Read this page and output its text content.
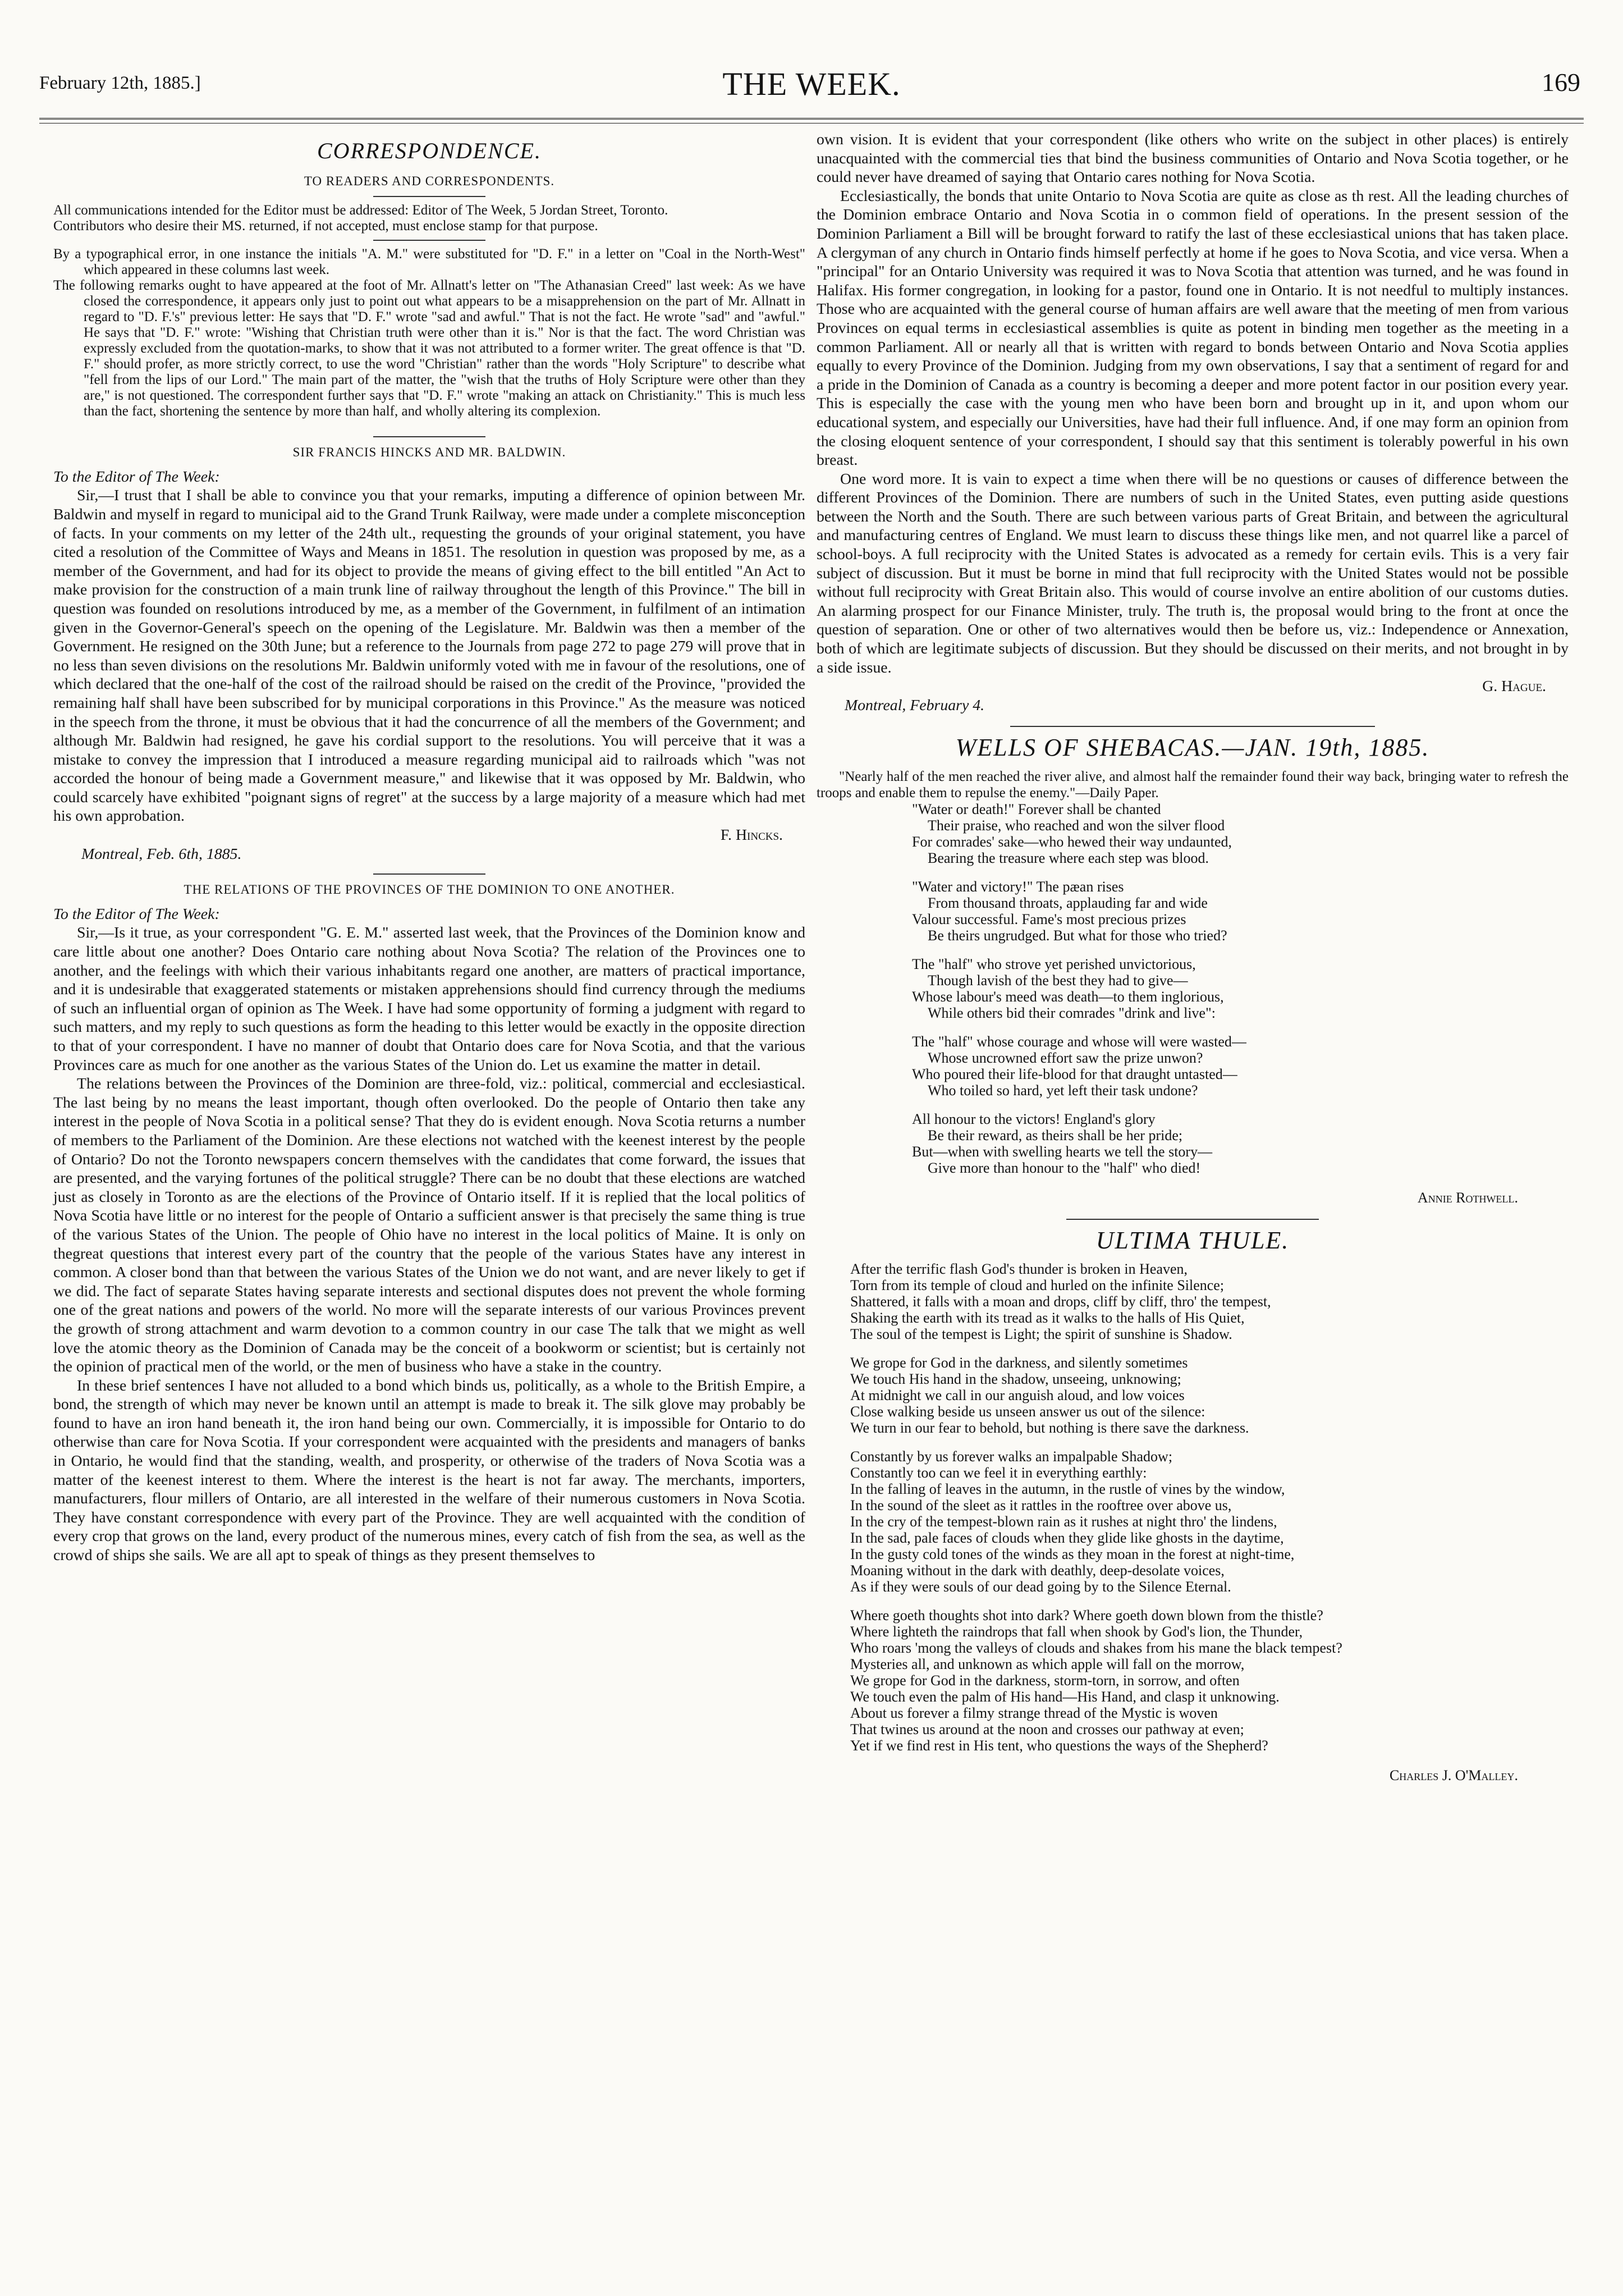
February 12th, 1885.]	THE WEEK.	169
CORRESPONDENCE.
TO READERS AND CORRESPONDENTS.

All communications intended for the Editor must be addressed: Editor of The Week, 5 Jordan Street, Toronto.

Contributors who desire their MS. returned, if not accepted, must enclose stamp for that purpose.

By a typographical error, in one instance the initials "A. M." were substituted for "D. F." in a letter on "Coal in the North-West" which appeared in these columns last week.

The following remarks ought to have appeared at the foot of Mr. Allnatt's letter on "The Athanasian Creed" last week: As we have closed the correspondence, it appears only just to point out what appears to be a misapprehension on the part of Mr. Allnatt in regard to "D. F.'s" previous letter: He says that "D. F." wrote "sad and awful." That is not the fact. He wrote "sad" and "awful." He says that "D. F." wrote: "Wishing that Christian truth were other than it is." Nor is that the fact. The word Christian was expressly excluded from the quotation-marks, to show that it was not attributed to a former writer. The great offence is that "D. F." should profer, as more strictly correct, to use the word "Christian" rather than the words "Holy Scripture" to describe what "fell from the lips of our Lord." The main part of the matter, the "wish that the truths of Holy Scripture were other than they are," is not questioned. The correspondent further says that "D. F." wrote "making an attack on Christianity." This is much less than the fact, shortening the sentence by more than half, and wholly altering its complexion.

SIR FRANCIS HINCKS AND MR. BALDWIN.

To the Editor of The Week:

Sir,—I trust that I shall be able to convince you that your remarks, imputing a difference of opinion between Mr. Baldwin and myself in regard to municipal aid to the Grand Trunk Railway, were made under a complete misconception of facts. In your comments on my letter of the 24th ult., requesting the grounds of your original statement, you have cited a resolution of the Committee of Ways and Means in 1851. The resolution in question was proposed by me, as a member of the Government, and had for its object to provide the means of giving effect to the bill entitled "An Act to make provision for the construction of a main trunk line of railway throughout the length of this Province." The bill in question was founded on resolutions introduced by me, as a member of the Government, in fulfilment of an intimation given in the Governor-General's speech on the opening of the Legislature. Mr. Baldwin was then a member of the Government. He resigned on the 30th June; but a reference to the Journals from page 272 to page 279 will prove that in no less than seven divisions on the resolutions Mr. Baldwin uniformly voted with me in favour of the resolutions, one of which declared that the one-half of the cost of the railroad should be raised on the credit of the Province, "provided the remaining half shall have been subscribed for by municipal corporations in this Province." As the measure was noticed in the speech from the throne, it must be obvious that it had the concurrence of all the members of the Government; and although Mr. Baldwin had resigned, he gave his cordial support to the resolutions. You will perceive that it was a mistake to convey the impression that I introduced a measure regarding municipal aid to railroads which "was not accorded the honour of being made a Government measure," and likewise that it was opposed by Mr. Baldwin, who could scarcely have exhibited "poignant signs of regret" at the success by a large majority of a measure which had met his own approbation.

F. Hincks.

Montreal, Feb. 6th, 1885.

THE RELATIONS OF THE PROVINCES OF THE DOMINION TO ONE ANOTHER.

To the Editor of The Week:

Sir,—Is it true, as your correspondent "G. E. M." asserted last week, that the Provinces of the Dominion know and care little about one another? Does Ontario care nothing about Nova Scotia? The relation of the Provinces one to another, and the feelings with which their various inhabitants regard one another, are matters of practical importance, and it is undesirable that exaggerated statements or mistaken apprehensions should find currency through the mediums of such an influential organ of opinion as The Week. I have had some opportunity of forming a judgment with regard to such matters, and my reply to such questions as form the heading to this letter would be exactly in the opposite direction to that of your correspondent. I have no manner of doubt that Ontario does care for Nova Scotia, and that the various Provinces care as much for one another as the various States of the Union do. Let us examine the matter in detail.

The relations between the Provinces of the Dominion are three-fold, viz.: political, commercial and ecclesiastical. The last being by no means the least important, though often overlooked. Do the people of Ontario then take any interest in the people of Nova Scotia in a political sense? That they do is evident enough. Nova Scotia returns a number of members to the Parliament of the Dominion. Are these elections not watched with the keenest interest by the people of Ontario? Do not the Toronto newspapers concern themselves with the candidates that come forward, the issues that are presented, and the varying fortunes of the political struggle? There can be no doubt that these elections are watched just as closely in Toronto as are the elections of the Province of Ontario itself. If it is replied that the local politics of Nova Scotia have little or no interest for the people of Ontario a sufficient answer is that precisely the same thing is true of the various States of the Union. The people of Ohio have no interest in the local politics of Maine. It is only on thegreat questions that interest every part of the country that the people of the various States have any interest in common. A closer bond than that between the various States of the Union we do not want, and are never likely to get if we did. The fact of separate States having separate interests and sectional disputes does not prevent the whole forming one of the great nations and powers of the world. No more will the separate interests of our various Provinces prevent the growth of strong attachment and warm devotion to a common country in our case The talk that we might as well love the atomic theory as the Dominion of Canada may be the conceit of a bookworm or scientist; but is certainly not the opinion of practical men of the world, or the men of business who have a stake in the country.

In these brief sentences I have not alluded to a bond which binds us, politically, as a whole to the British Empire, a bond, the strength of which may never be known until an attempt is made to break it. The silk glove may probably be found to have an iron hand beneath it, the iron hand being our own. Commercially, it is impossible for Ontario to do otherwise than care for Nova Scotia. If your correspondent were acquainted with the presidents and managers of banks in Ontario, he would find that the standing, wealth, and prosperity, or otherwise of the traders of Nova Scotia was a matter of the keenest interest to them. Where the interest is the heart is not far away. The merchants, importers, manufacturers, flour millers of Ontario, are all interested in the welfare of their numerous customers in Nova Scotia. They have constant correspondence with every part of the Province. They are well acquainted with the condition of every crop that grows on the land, every product of the numerous mines, every catch of fish from the sea, as well as the crowd of ships she sails. We are all apt to speak of things as they present themselves to

own vision. It is evident that your correspondent (like others who write on the subject in other places) is entirely unacquainted with the commercial ties that bind the business communities of Ontario and Nova Scotia together, or he could never have dreamed of saying that Ontario cares nothing for Nova Scotia.

Ecclesiastically, the bonds that unite Ontario to Nova Scotia are quite as close as th rest. All the leading churches of the Dominion embrace Ontario and Nova Scotia in o common field of operations. In the present session of the Dominion Parliament a Bill will be brought forward to ratify the last of these ecclesiastical unions that has taken place. A clergyman of any church in Ontario finds himself perfectly at home if he goes to Nova Scotia, and vice versa. When a "principal" for an Ontario University was required it was to Nova Scotia that attention was turned, and he was found in Halifax. His former congregation, in looking for a pastor, found one in Ontario. It is not needful to multiply instances. Those who are acquainted with the general course of human affairs are well aware that the meeting of men from various Provinces on equal terms in ecclesiastical assemblies is quite as potent in binding men together as the meeting in a common Parliament. All or nearly all that is written with regard to bonds between Ontario and Nova Scotia applies equally to every Province of the Dominion. Judging from my own observations, I say that a sentiment of regard for and a pride in the Dominion of Canada as a country is becoming a deeper and more potent factor in our position every year. This is especially the case with the young men who have been born and brought up in it, and upon whom our educational system, and especially our Universities, have had their full influence. And, if one may form an opinion from the closing eloquent sentence of your correspondent, I should say that this sentiment is tolerably powerful in his own breast.

One word more. It is vain to expect a time when there will be no questions or causes of difference between the different Provinces of the Dominion. There are numbers of such in the United States, even putting aside questions between the North and the South. There are such between various parts of Great Britain, and between the agricultural and manufacturing centres of England. We must learn to discuss these things like men, and not quarrel like a parcel of school-boys. A full reciprocity with the United States is advocated as a remedy for certain evils. This is a very fair subject of discussion. But it must be borne in mind that full reciprocity with the United States would not be possible without full reciprocity with Great Britain also. This would of course involve an entire abolition of our customs duties. An alarming prospect for our Finance Minister, truly. The truth is, the proposal would bring to the front at once the question of separation. One or other of two alternatives would then be before us, viz.: Independence or Annexation, both of which are legitimate subjects of discussion. But they should be discussed on their merits, and not brought in by a side issue.

G. Hague.

Montreal, February 4.

WELLS OF SHEBACAS.—JAN. 19th, 1885.

"Nearly half of the men reached the river alive, and almost half the remainder found their way back, bringing water to refresh the troops and enable them to repulse the enemy."—Daily Paper.

"Water or death!" Forever shall be chanted
Their praise, who reached and won the silver flood
For comrades' sake—who hewed their way undaunted,
Bearing the treasure where each step was blood.
"Water and victory!" The pæan rises
From thousand throats, applauding far and wide
Valour successful. Fame's most precious prizes
Be theirs ungrudged. But what for those who tried?
The "half" who strove yet perished unvictorious,
Though lavish of the best they had to give—
Whose labour's meed was death—to them inglorious,
While others bid their comrades "drink and live":
The "half" whose courage and whose will were wasted—
Whose uncrowned effort saw the prize unwon?
Who poured their life-blood for that draught untasted—
Who toiled so hard, yet left their task undone?
All honour to the victors! England's glory
Be their reward, as theirs shall be her pride;
But—when with swelling hearts we tell the story—
Give more than honour to the "half" who died!
Annie Rothwell.
ULTIMA THULE.
After the terrific flash God's thunder is broken in Heaven,
Torn from its temple of cloud and hurled on the infinite Silence;
Shattered, it falls with a moan and drops, cliff by cliff, thro' the tempest,
Shaking the earth with its tread as it walks to the halls of His Quiet,
The soul of the tempest is Light; the spirit of sunshine is Shadow.
We grope for God in the darkness, and silently sometimes
We touch His hand in the shadow, unseeing, unknowing;
At midnight we call in our anguish aloud, and low voices
Close walking beside us unseen answer us out of the silence:
We turn in our fear to behold, but nothing is there save the darkness.
Constantly by us forever walks an impalpable Shadow;
Constantly too can we feel it in everything earthly:
In the falling of leaves in the autumn, in the rustle of vines by the window,
In the sound of the sleet as it rattles in the rooftree over above us,
In the cry of the tempest-blown rain as it rushes at night thro' the lindens,
In the sad, pale faces of clouds when they glide like ghosts in the daytime,
In the gusty cold tones of the winds as they moan in the forest at night-time,
Moaning without in the dark with deathly, deep-desolate voices,
As if they were souls of our dead going by to the Silence Eternal.
Where goeth thoughts shot into dark? Where goeth down blown from the thistle?
Where lighteth the raindrops that fall when shook by God's lion, the Thunder,
Who roars 'mong the valleys of clouds and shakes from his mane the black tempest?
Mysteries all, and unknown as which apple will fall on the morrow,
We grope for God in the darkness, storm-torn, in sorrow, and often
We touch even the palm of His hand—His Hand, and clasp it unknowing.
About us forever a filmy strange thread of the Mystic is woven
That twines us around at the noon and crosses our pathway at even;
Yet if we find rest in His tent, who questions the ways of the Shepherd?
Charles J. O'Malley.
